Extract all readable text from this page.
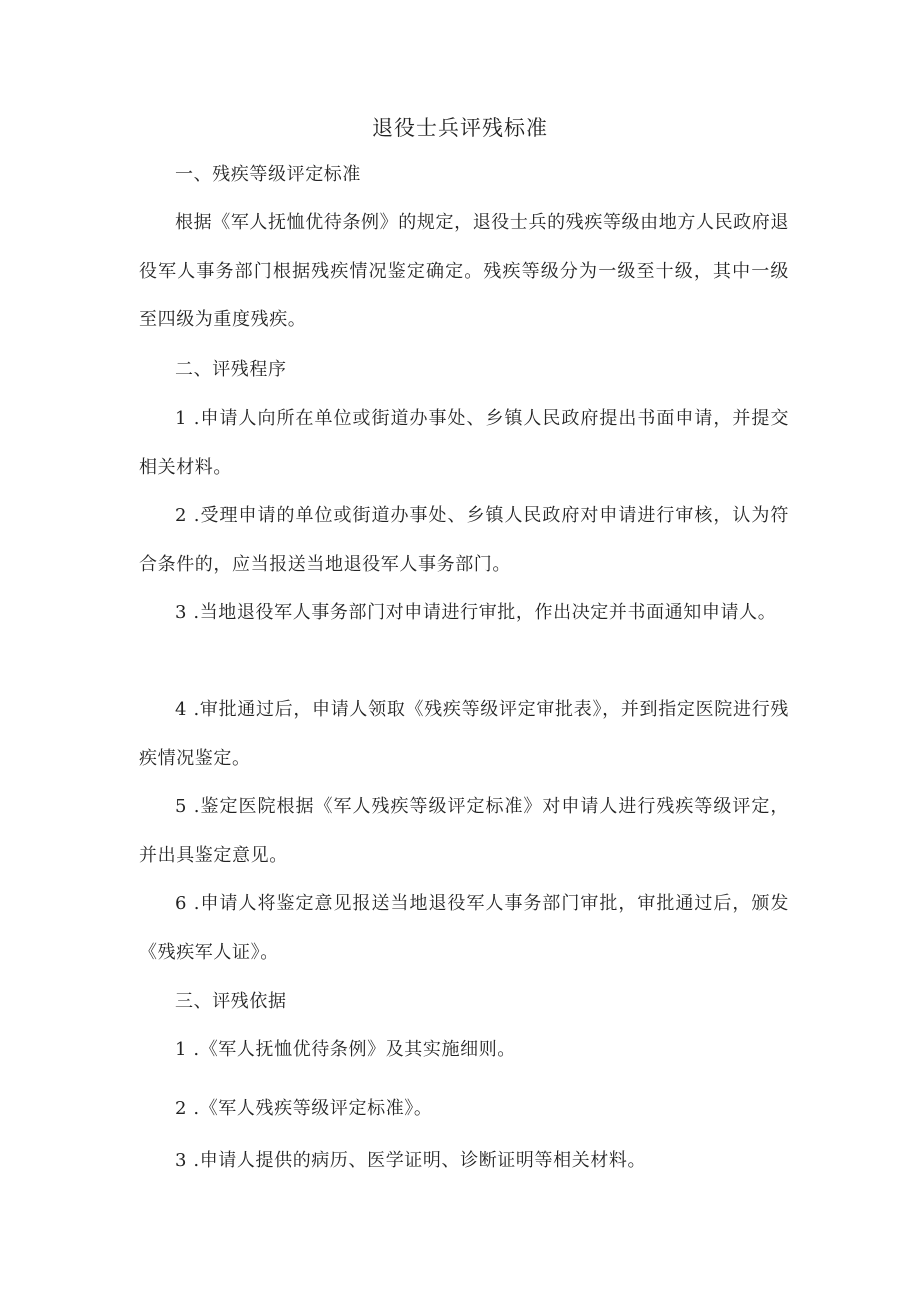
退役士兵评残标准

一、残疾等级评定标准

根据《军人抚恤优待条例》的规定，退役士兵的残疾等级由地方人民政府退役军人事务部门根据残疾情况鉴定确定。残疾等级分为一级至十级，其中一级至四级为重度残疾。

二、评残程序

1 .申请人向所在单位或街道办事处、乡镇人民政府提出书面申请，并提交相关材料。

2 .受理申请的单位或街道办事处、乡镇人民政府对申请进行审核，认为符合条件的，应当报送当地退役军人事务部门。

3 .当地退役军人事务部门对申请进行审批，作出决定并书面通知申请人。

4 .审批通过后，申请人领取《残疾等级评定审批表》，并到指定医院进行残疾情况鉴定。

5 .鉴定医院根据《军人残疾等级评定标准》对申请人进行残疾等级评定，并出具鉴定意见。

6 .申请人将鉴定意见报送当地退役军人事务部门审批，审批通过后，颁发《残疾军人证》。

三、评残依据

1 .《军人抚恤优待条例》及其实施细则。

2 .《军人残疾等级评定标准》。

3 .申请人提供的病历、医学证明、诊断证明等相关材料。
